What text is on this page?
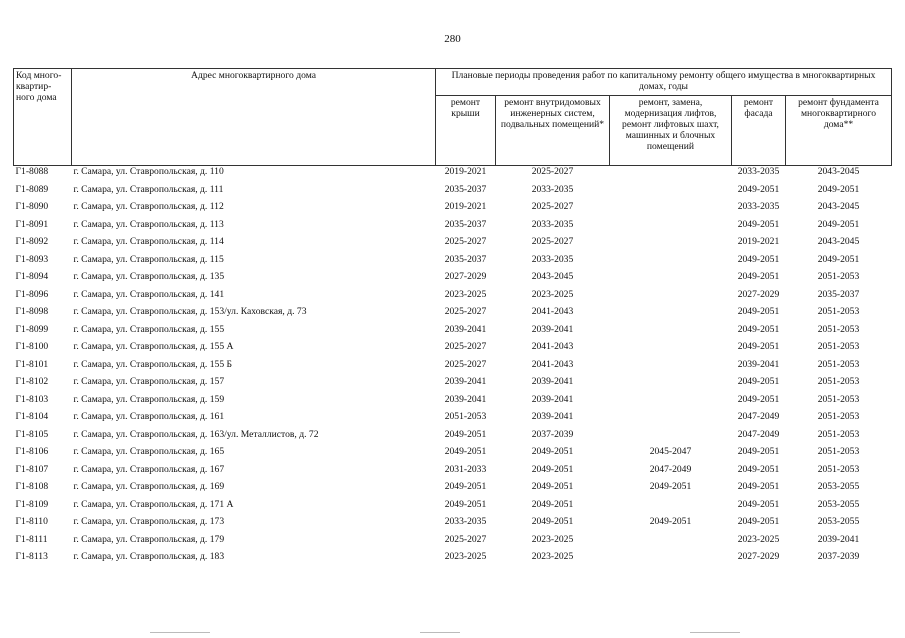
280
Код много-
квартир-
ного дома	Адрес многоквартирного дома	Плановые периоды проведения работ по капитальному ремонту общего имущества в многоквартирных домах, годы				
		ремонт крыши	ремонт внутридомовых инженерных систем, подвальных помещений*	ремонт, замена, модернизация лифтов, ремонт лифтовых шахт, машинных и блочных помещений	ремонт фасада	ремонт фундамента многоквартирного дома**
Г1-8088	г. Самара, ул. Ставропольская, д. 110	2019-2021	2025-2027		2033-2035	2043-2045
Г1-8089	г. Самара, ул. Ставропольская, д. 111	2035-2037	2033-2035		2049-2051	2049-2051
Г1-8090	г. Самара, ул. Ставропольская, д. 112	2019-2021	2025-2027		2033-2035	2043-2045
Г1-8091	г. Самара, ул. Ставропольская, д. 113	2035-2037	2033-2035		2049-2051	2049-2051
Г1-8092	г. Самара, ул. Ставропольская, д. 114	2025-2027	2025-2027		2019-2021	2043-2045
Г1-8093	г. Самара, ул. Ставропольская, д. 115	2035-2037	2033-2035		2049-2051	2049-2051
Г1-8094	г. Самара, ул. Ставропольская, д. 135	2027-2029	2043-2045		2049-2051	2051-2053
Г1-8096	г. Самара, ул. Ставропольская, д. 141	2023-2025	2023-2025		2027-2029	2035-2037
Г1-8098	г. Самара, ул. Ставропольская, д. 153/ул. Каховская, д. 73	2025-2027	2041-2043		2049-2051	2051-2053
Г1-8099	г. Самара, ул. Ставропольская, д. 155	2039-2041	2039-2041		2049-2051	2051-2053
Г1-8100	г. Самара, ул. Ставропольская, д. 155 А	2025-2027	2041-2043		2049-2051	2051-2053
Г1-8101	г. Самара, ул. Ставропольская, д. 155 Б	2025-2027	2041-2043		2039-2041	2051-2053
Г1-8102	г. Самара, ул. Ставропольская, д. 157	2039-2041	2039-2041		2049-2051	2051-2053
Г1-8103	г. Самара, ул. Ставропольская, д. 159	2039-2041	2039-2041		2049-2051	2051-2053
Г1-8104	г. Самара, ул. Ставропольская, д. 161	2051-2053	2039-2041		2047-2049	2051-2053
Г1-8105	г. Самара, ул. Ставропольская, д. 163/ул. Металлистов, д. 72	2049-2051	2037-2039		2047-2049	2051-2053
Г1-8106	г. Самара, ул. Ставропольская, д. 165	2049-2051	2049-2051	2045-2047	2049-2051	2051-2053
Г1-8107	г. Самара, ул. Ставропольская, д. 167	2031-2033	2049-2051	2047-2049	2049-2051	2051-2053
Г1-8108	г. Самара, ул. Ставропольская, д. 169	2049-2051	2049-2051	2049-2051	2049-2051	2053-2055
Г1-8109	г. Самара, ул. Ставропольская, д. 171 А	2049-2051	2049-2051		2049-2051	2053-2055
Г1-8110	г. Самара, ул. Ставропольская, д. 173	2033-2035	2049-2051	2049-2051	2049-2051	2053-2055
Г1-8111	г. Самара, ул. Ставропольская, д. 179	2025-2027	2023-2025		2023-2025	2039-2041
Г1-8113	г. Самара, ул. Ставропольская, д. 183	2023-2025	2023-2025		2027-2029	2037-2039
